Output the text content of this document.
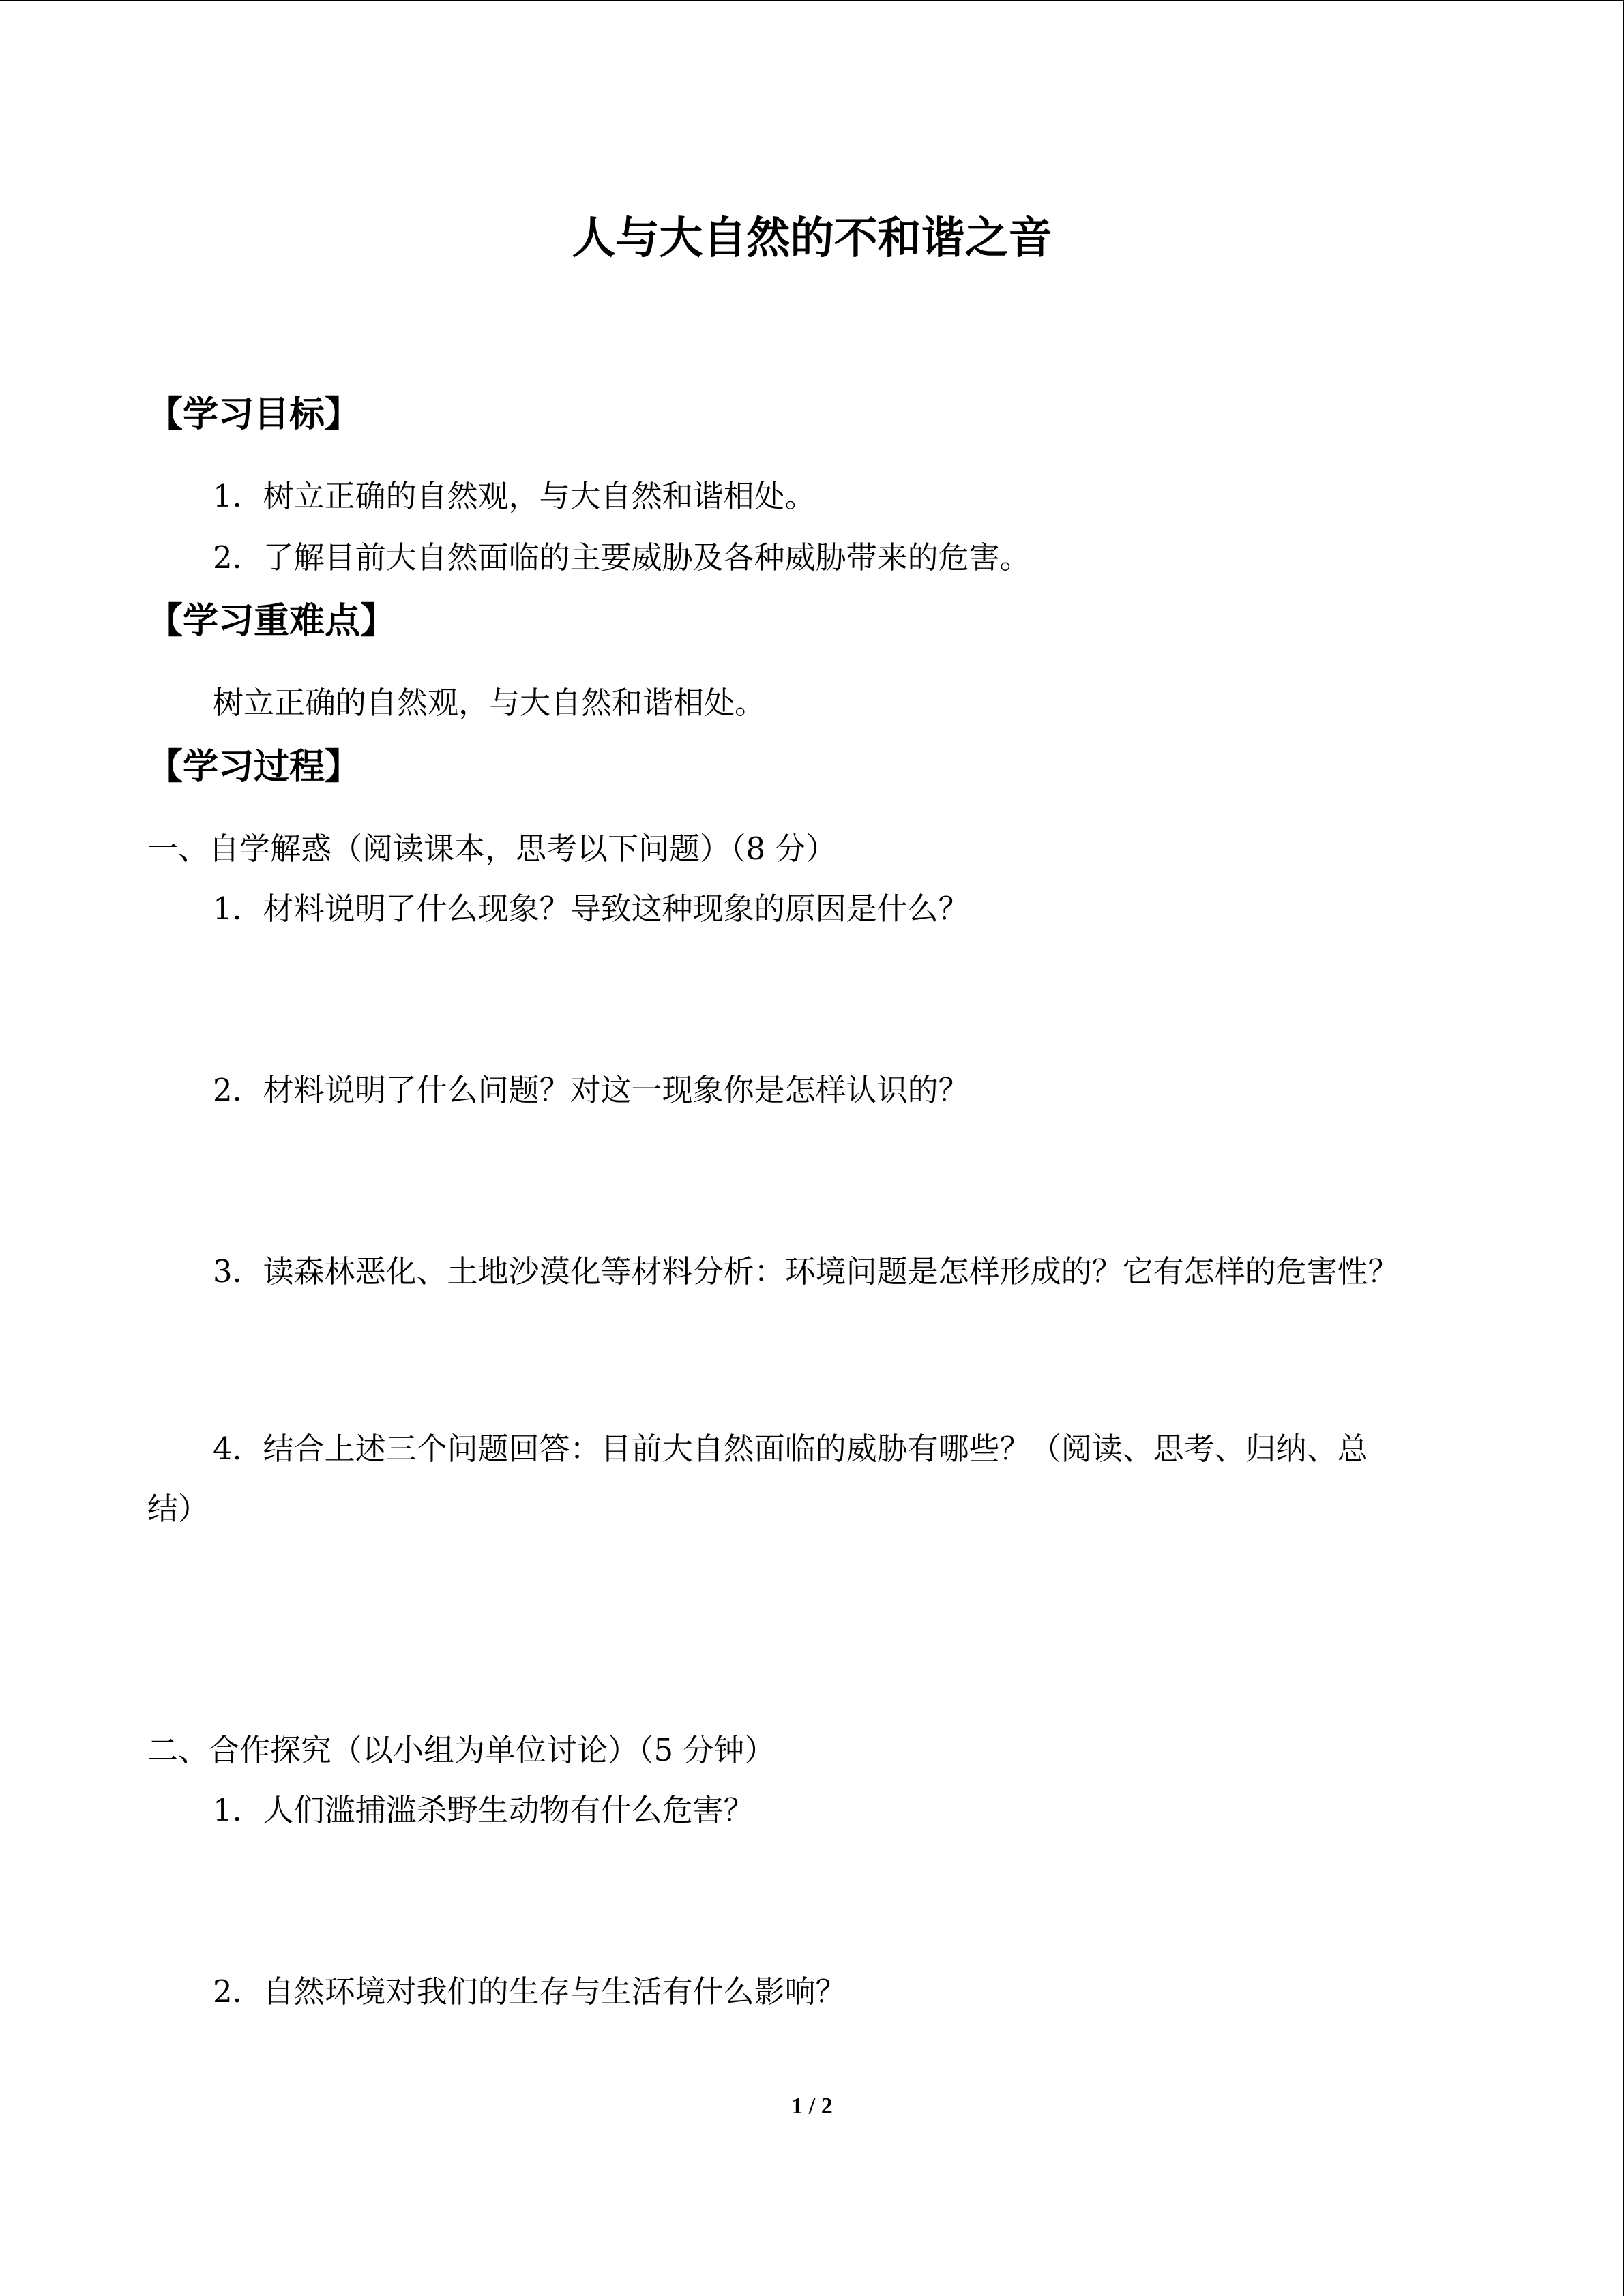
人与大自然的不和谐之音
【学习目标】
1．树立正确的自然观，与大自然和谐相处。
2．了解目前大自然面临的主要威胁及各种威胁带来的危害。
【学习重难点】
树立正确的自然观，与大自然和谐相处。
【学习过程】
一、自学解惑（阅读课本，思考以下问题）（8 分）
1．材料说明了什么现象？导致这种现象的原因是什么？
2．材料说明了什么问题？对这一现象你是怎样认识的？
3．读森林恶化、土地沙漠化等材料分析：环境问题是怎样形成的？它有怎样的危害性？
4．结合上述三个问题回答：目前大自然面临的威胁有哪些？（阅读、思考、归纳、总
结）
二、合作探究（以小组为单位讨论）（5 分钟）
1．人们滥捕滥杀野生动物有什么危害？
2．自然环境对我们的生存与生活有什么影响？
1 / 2
